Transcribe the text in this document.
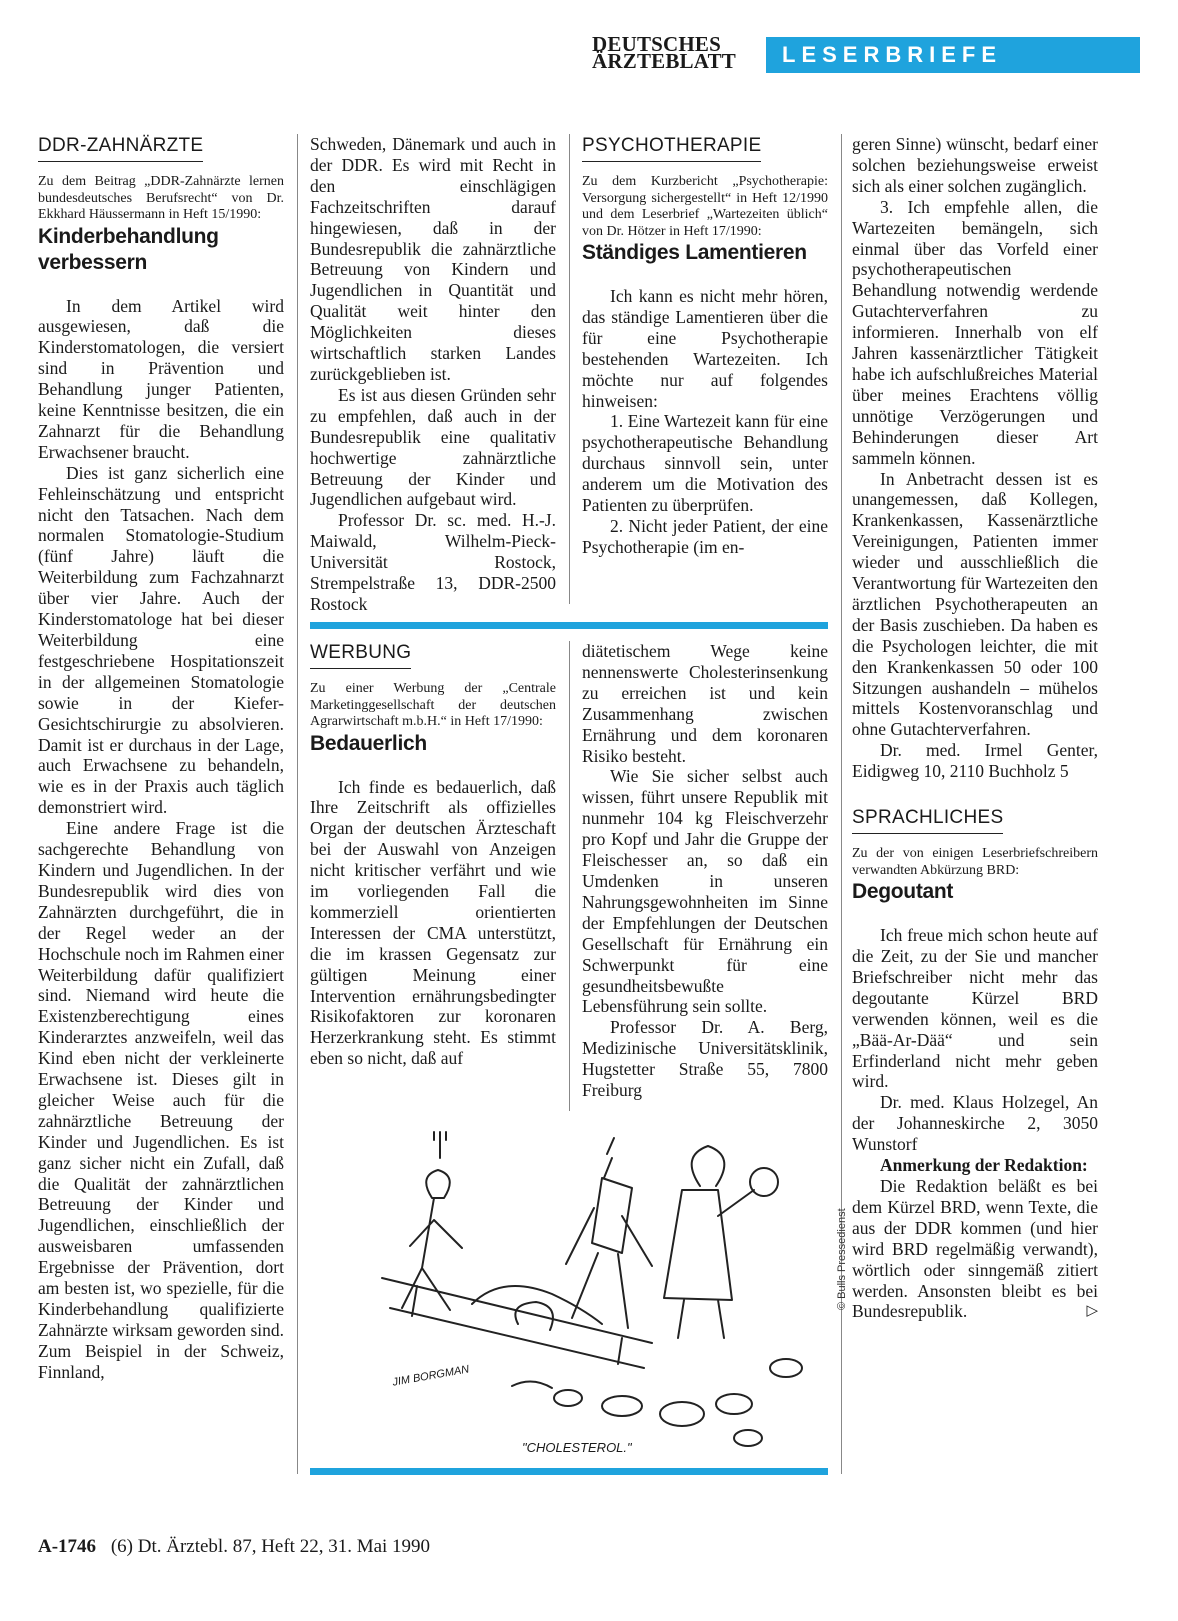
DEUTSCHES
ÄRZTEBLATT	LESERBRIEFE
DDR-ZAHNÄRZTE

Zu dem Beitrag „DDR-Zahnärzte lernen bundesdeutsches Berufsrecht“ von Dr. Ekkhard Häussermann in Heft 15/1990:

Kinderbehandlung verbessern

In dem Artikel wird ausgewiesen, daß die Kinderstomatologen, die versiert sind in Prävention und Behandlung junger Patienten, keine Kenntnisse besitzen, die ein Zahnarzt für die Behandlung Erwachsener braucht.

Dies ist ganz sicherlich eine Fehleinschätzung und entspricht nicht den Tatsachen. Nach dem normalen Stomatologie-Studium (fünf Jahre) läuft die Weiterbildung zum Fachzahnarzt über vier Jahre. Auch der Kinderstomatologe hat bei dieser Weiterbildung eine festgeschriebene Hospitationszeit in der allgemeinen Stomatologie sowie in der Kiefer-Gesichtschirurgie zu absolvieren. Damit ist er durchaus in der Lage, auch Erwachsene zu behandeln, wie es in der Praxis auch täglich demonstriert wird.

Eine andere Frage ist die sachgerechte Behandlung von Kindern und Jugendlichen. In der Bundesrepublik wird dies von Zahnärzten durchgeführt, die in der Regel weder an der Hochschule noch im Rahmen einer Weiterbildung dafür qualifiziert sind. Niemand wird heute die Existenzberechtigung eines Kinderarztes anzweifeln, weil das Kind eben nicht der verkleinerte Erwachsene ist. Dieses gilt in gleicher Weise auch für die zahnärztliche Betreuung der Kinder und Jugendlichen. Es ist ganz sicher nicht ein Zufall, daß die Qualität der zahnärztlichen Betreuung der Kinder und Jugendlichen, einschließlich der ausweisbaren umfassenden Ergebnisse der Prävention, dort am besten ist, wo spezielle, für die Kinderbehandlung qualifizierte Zahnärzte wirksam geworden sind. Zum Beispiel in der Schweiz, Finnland,

Schweden, Dänemark und auch in der DDR. Es wird mit Recht in den einschlägigen Fachzeitschriften darauf hingewiesen, daß in der Bundesrepublik die zahnärztliche Betreuung von Kindern und Jugendlichen in Quantität und Qualität weit hinter den Möglichkeiten dieses wirtschaftlich starken Landes zurückgeblieben ist.

Es ist aus diesen Gründen sehr zu empfehlen, daß auch in der Bundesrepublik eine qualitativ hochwertige zahnärztliche Betreuung der Kinder und Jugendlichen aufgebaut wird.

Professor Dr. sc. med. H.-J. Maiwald, Wilhelm-Pieck-Universität Rostock, Strempelstraße 13, DDR-2500 Rostock

PSYCHOTHERAPIE

Zu dem Kurzbericht „Psychotherapie: Versorgung sichergestellt“ in Heft 12/1990 und dem Leserbrief „Wartezeiten üblich“ von Dr. Hötzer in Heft 17/1990:

Ständiges Lamentieren

Ich kann es nicht mehr hören, das ständige Lamentieren über die für eine Psychotherapie bestehenden Wartezeiten. Ich möchte nur auf folgendes hinweisen:

1. Eine Wartezeit kann für eine psychotherapeutische Behandlung durchaus sinnvoll sein, unter anderem um die Motivation des Patienten zu überprüfen.

2. Nicht jeder Patient, der eine Psychotherapie (im en-

WERBUNG

Zu einer Werbung der „Centrale Marketinggesellschaft der deutschen Agrarwirtschaft m.b.H.“ in Heft 17/1990:

Bedauerlich

Ich finde es bedauerlich, daß Ihre Zeitschrift als offizielles Organ der deutschen Ärzteschaft bei der Auswahl von Anzeigen nicht kritischer verfährt und wie im vorliegenden Fall die kommerziell orientierten Interessen der CMA unterstützt, die im krassen Gegensatz zur gültigen Meinung einer Intervention ernährungsbedingter Risikofaktoren zur koronaren Herzerkrankung steht. Es stimmt eben so nicht, daß auf

diätetischem Wege keine nennenswerte Cholesterinsenkung zu erreichen ist und kein Zusammenhang zwischen Ernährung und dem koronaren Risiko besteht.

Wie Sie sicher selbst auch wissen, führt unsere Republik mit nunmehr 104 kg Fleischverzehr pro Kopf und Jahr die Gruppe der Fleischesser an, so daß ein Umdenken in unseren Nahrungsgewohnheiten im Sinne der Empfehlungen der Deutschen Gesellschaft für Ernährung ein Schwerpunkt für eine gesundheitsbewußte Lebensführung sein sollte.

Professor Dr. A. Berg, Medizinische Universitätsklinik, Hugstetter Straße 55, 7800 Freiburg

geren Sinne) wünscht, bedarf einer solchen beziehungsweise erweist sich als einer solchen zugänglich.

3. Ich empfehle allen, die Wartezeiten bemängeln, sich einmal über das Vorfeld einer psychotherapeutischen Behandlung notwendig werdende Gutachterverfahren zu informieren. Innerhalb von elf Jahren kassenärztlicher Tätigkeit habe ich aufschlußreiches Material über meines Erachtens völlig unnötige Verzögerungen und Behinderungen dieser Art sammeln können.

In Anbetracht dessen ist es unangemessen, daß Kollegen, Krankenkassen, Kassenärztliche Vereinigungen, Patienten immer wieder und ausschließlich die Verantwortung für Wartezeiten den ärztlichen Psychotherapeuten an der Basis zuschieben. Da haben es die Psychologen leichter, die mit den Krankenkassen 50 oder 100 Sitzungen aushandeln – mühelos mittels Kostenvoranschlag und ohne Gutachterverfahren.

Dr. med. Irmel Genter, Eidigweg 10, 2110 Buchholz 5

SPRACHLICHES

Zu der von einigen Leserbriefschreibern verwandten Abkürzung BRD:

Degoutant

Ich freue mich schon heute auf die Zeit, zu der Sie und mancher Briefschreiber nicht mehr das degoutante Kürzel BRD verwenden können, weil es die „Bää-Ar-Dää“ und sein Erfinderland nicht mehr geben wird.

Dr. med. Klaus Holzegel, An der Johanneskirche 2, 3050 Wunstorf

Anmerkung der Redaktion:

Die Redaktion beläßt es bei dem Kürzel BRD, wenn Texte, die aus der DDR kommen (und hier wird BRD regelmäßig verwandt), wörtlich oder sinngemäß zitiert werden. Ansonsten bleibt es bei Bundesrepublik.	▷

JIM BORGMAN
"CHOLESTEROL."
© Bulls Pressedienst
A-1746 (6) Dt. Ärztebl. 87, Heft 22, 31. Mai 1990
